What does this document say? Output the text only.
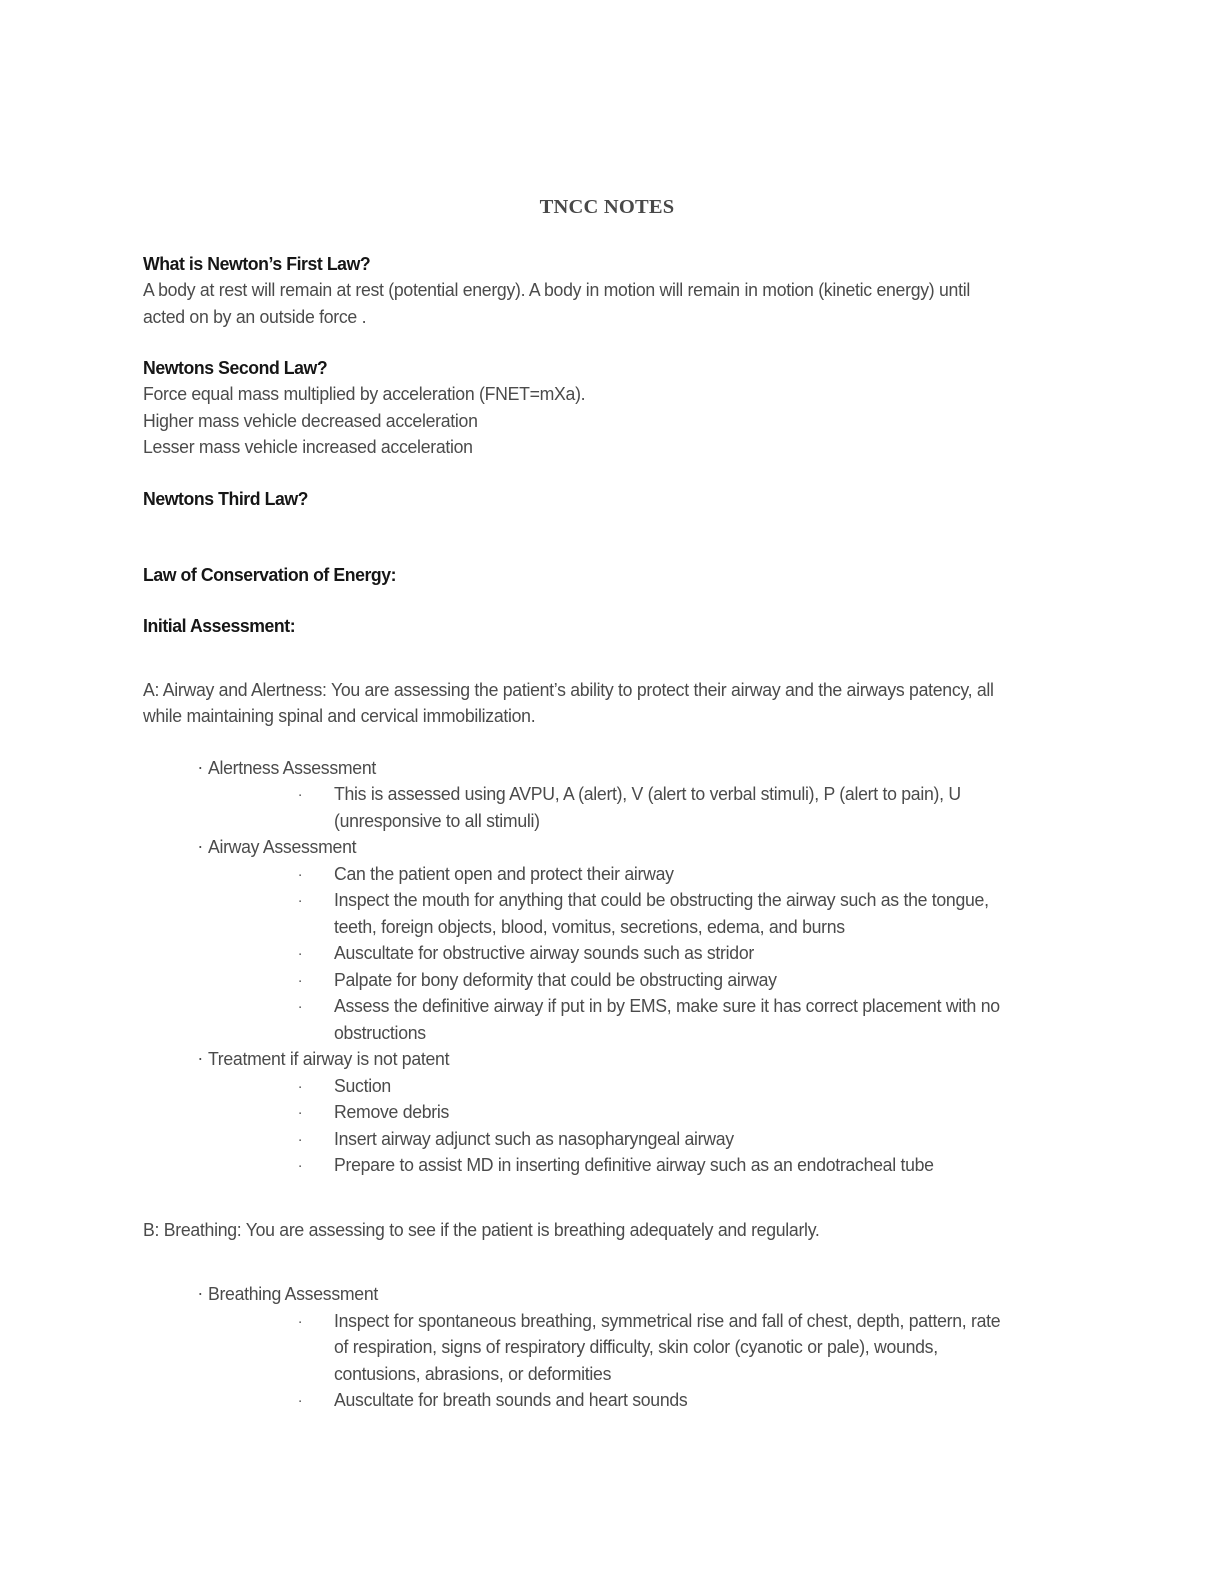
TNCC NOTES
What is Newton’s First Law?
A body at rest will remain at rest (potential energy). A body in motion will remain in motion (kinetic energy) until acted on by an outside force .
Newtons Second Law?
Force equal mass multiplied by acceleration (FNET=mXa).
Higher mass vehicle decreased acceleration
Lesser mass vehicle increased acceleration
Newtons Third Law?
Law of Conservation of Energy:
Initial Assessment:
A: Airway and Alertness: You are assessing the patient’s ability to protect their airway and the airways patency, all while maintaining spinal and cervical immobilization.
· Alertness Assessment
· This is assessed using AVPU, A (alert), V (alert to verbal stimuli), P (alert to pain), U (unresponsive to all stimuli)
· Airway Assessment
· Can the patient open and protect their airway
· Inspect the mouth for anything that could be obstructing the airway such as the tongue, teeth, foreign objects, blood, vomitus, secretions, edema, and burns
· Auscultate for obstructive airway sounds such as stridor
· Palpate for bony deformity that could be obstructing airway
· Assess the definitive airway if put in by EMS, make sure it has correct placement with no obstructions
· Treatment if airway is not patent
· Suction
· Remove debris
· Insert airway adjunct such as nasopharyngeal airway
· Prepare to assist MD in inserting definitive airway such as an endotracheal tube
B: Breathing: You are assessing to see if the patient is breathing adequately and regularly.
· Breathing Assessment
· Inspect for spontaneous breathing, symmetrical rise and fall of chest, depth, pattern, rate of respiration, signs of respiratory difficulty, skin color (cyanotic or pale), wounds, contusions, abrasions, or deformities
· Auscultate for breath sounds and heart sounds
